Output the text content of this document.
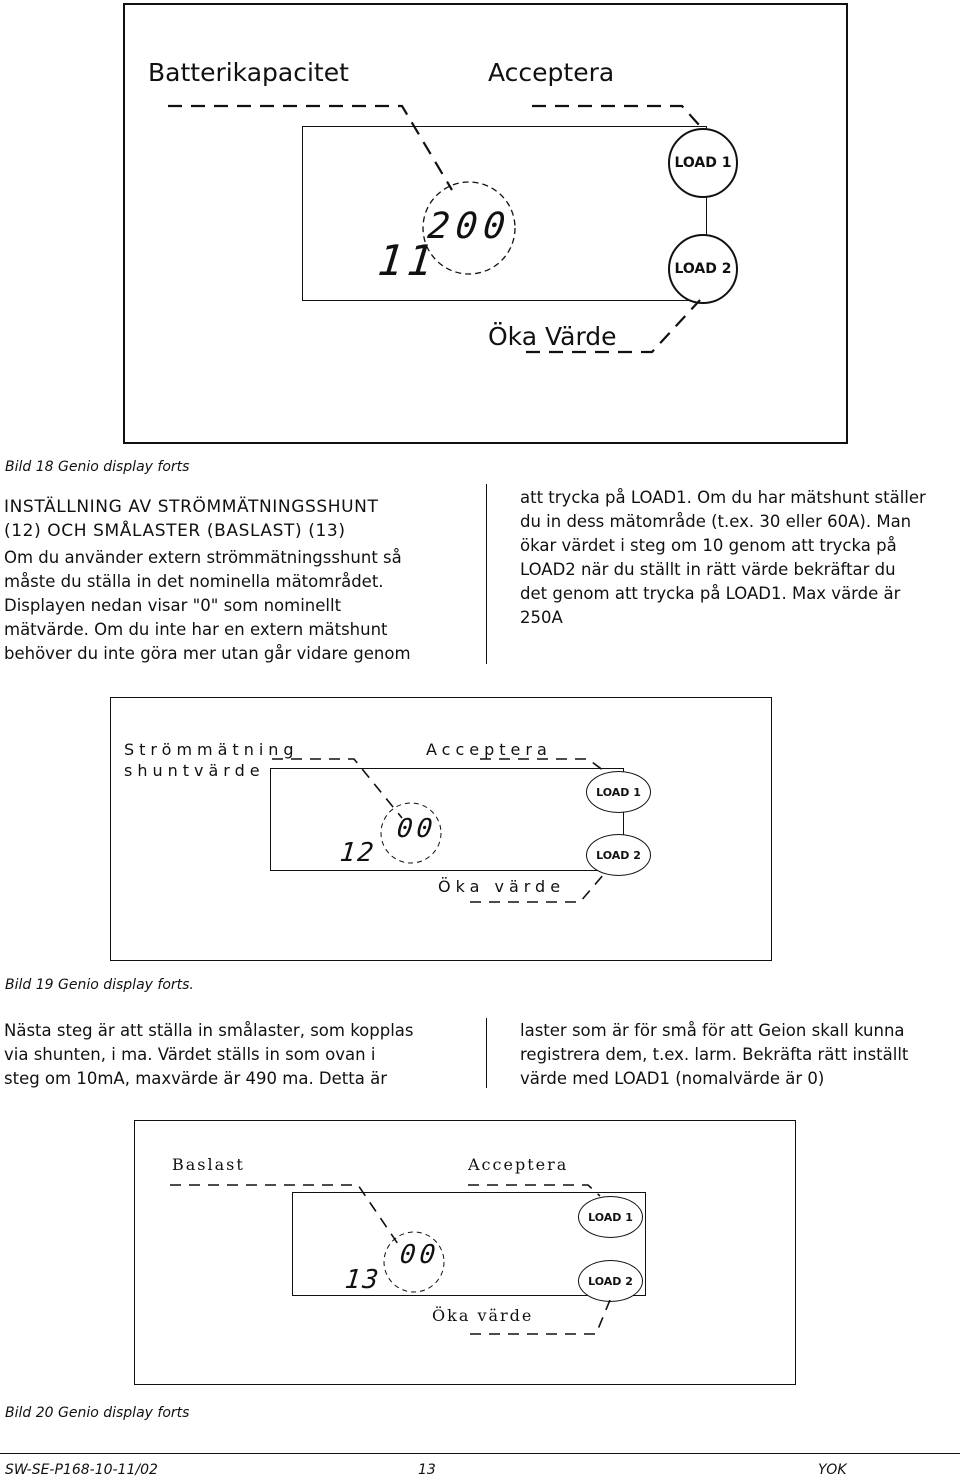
Batterikapacitet	Acceptera
Öka Värde
11
200
LOAD 1
LOAD 2
Bild 18 Genio display forts
INSTÄLLNING AV STRÖMMÄTNINGSSHUNT
(12) OCH SMÅLASTER (BASLAST) (13)
Om du använder extern strömmätningsshunt så
måste du ställa in det nominella mätområdet.
Displayen nedan visar "0" som nominellt
mätvärde. Om du inte har en extern mätshunt
behöver du inte göra mer utan går vidare genom
att trycka på LOAD1. Om du har mätshunt ställer
du in dess mätområde (t.ex. 30 eller 60A). Man
ökar värdet i steg om 10 genom att trycka på
LOAD2 när du ställt in rätt värde bekräftar du
det genom att trycka på LOAD1. Max värde är
250A
Strömmätning
shuntvärde
Acceptera
Öka värde
12
00
LOAD 1
LOAD 2
Bild 19 Genio display forts.
Nästa steg är att ställa in smålaster, som kopplas
via shunten, i ma. Värdet ställs in som ovan i
steg om 10mA, maxvärde är 490 ma. Detta är
laster som är för små för att Geion skall kunna
registrera dem, t.ex. larm. Bekräfta rätt inställt
värde med LOAD1 (nomalvärde är 0)
Baslast	Acceptera
Öka värde
13
00
LOAD 1
LOAD 2
Bild 20 Genio display forts
SW-SE-P168-10-11/02	13	YOK
